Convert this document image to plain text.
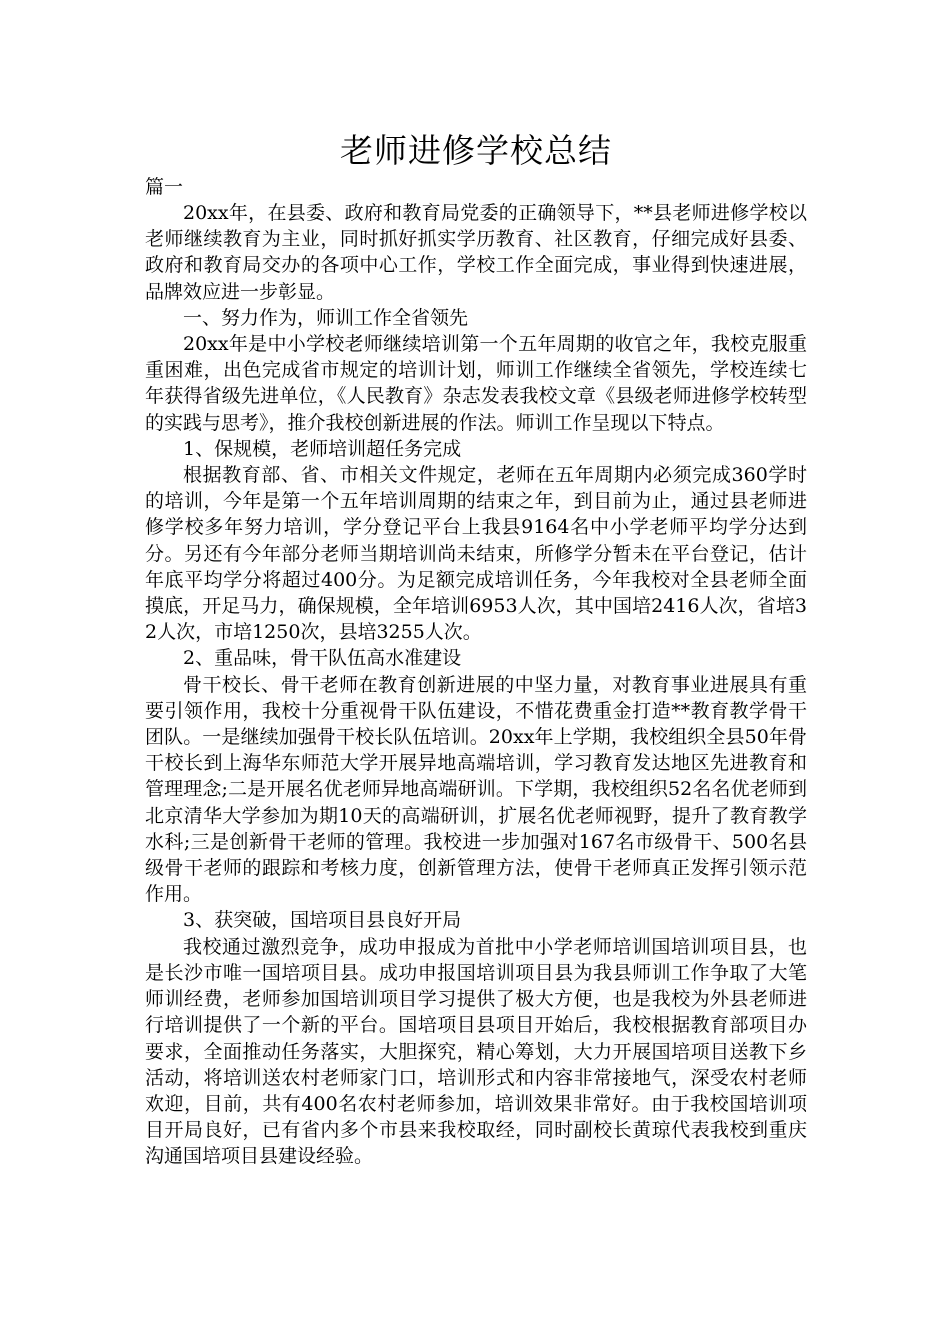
老师进修学校总结

篇一

20xx年，在县委、政府和教育局党委的正确领导下，**县老师进修学校以老师继续教育为主业，同时抓好抓实学历教育、社区教育，仔细完成好县委、政府和教育局交办的各项中心工作，学校工作全面完成，事业得到快速进展，品牌效应进一步彰显。

一、努力作为，师训工作全省领先

20xx年是中小学校老师继续培训第一个五年周期的收官之年，我校克服重重困难，出色完成省市规定的培训计划，师训工作继续全省领先，学校连续七年获得省级先进单位，《人民教育》杂志发表我校文章《县级老师进修学校转型的实践与思考》，推介我校创新进展的作法。师训工作呈现以下特点。

1、保规模，老师培训超任务完成

根据教育部、省、市相关文件规定，老师在五年周期内必须完成360学时的培训，今年是第一个五年培训周期的结束之年，到目前为止，通过县老师进修学校多年努力培训，学分登记平台上我县9164名中小学老师平均学分达到分。另还有今年部分老师当期培训尚未结束，所修学分暂未在平台登记，估计年底平均学分将超过400分。为足额完成培训任务，今年我校对全县老师全面摸底，开足马力，确保规模，全年培训6953人次，其中国培2416人次，省培32人次，市培1250次，县培3255人次。

2、重品味，骨干队伍高水准建设

骨干校长、骨干老师在教育创新进展的中坚力量，对教育事业进展具有重要引领作用，我校十分重视骨干队伍建设，不惜花费重金打造**教育教学骨干团队。一是继续加强骨干校长队伍培训。20xx年上学期，我校组织全县50年骨干校长到上海华东师范大学开展异地高端培训，学习教育发达地区先进教育和管理理念;二是开展名优老师异地高端研训。下学期，我校组织52名名优老师到北京清华大学参加为期10天的高端研训，扩展名优老师视野，提升了教育教学水科;三是创新骨干老师的管理。我校进一步加强对167名市级骨干、500名县级骨干老师的跟踪和考核力度，创新管理方法，使骨干老师真正发挥引领示范作用。

3、获突破，国培项目县良好开局

我校通过激烈竞争，成功申报成为首批中小学老师培训国培训项目县，也是长沙市唯一国培项目县。成功申报国培训项目县为我县师训工作争取了大笔师训经费，老师参加国培训项目学习提供了极大方便，也是我校为外县老师进行培训提供了一个新的平台。国培项目县项目开始后，我校根据教育部项目办要求，全面推动任务落实，大胆探究，精心筹划，大力开展国培项目送教下乡活动，将培训送农村老师家门口，培训形式和内容非常接地气，深受农村老师欢迎，目前，共有400名农村老师参加，培训效果非常好。由于我校国培训项目开局良好，已有省内多个市县来我校取经，同时副校长黄琼代表我校到重庆沟通国培项目县建设经验。
